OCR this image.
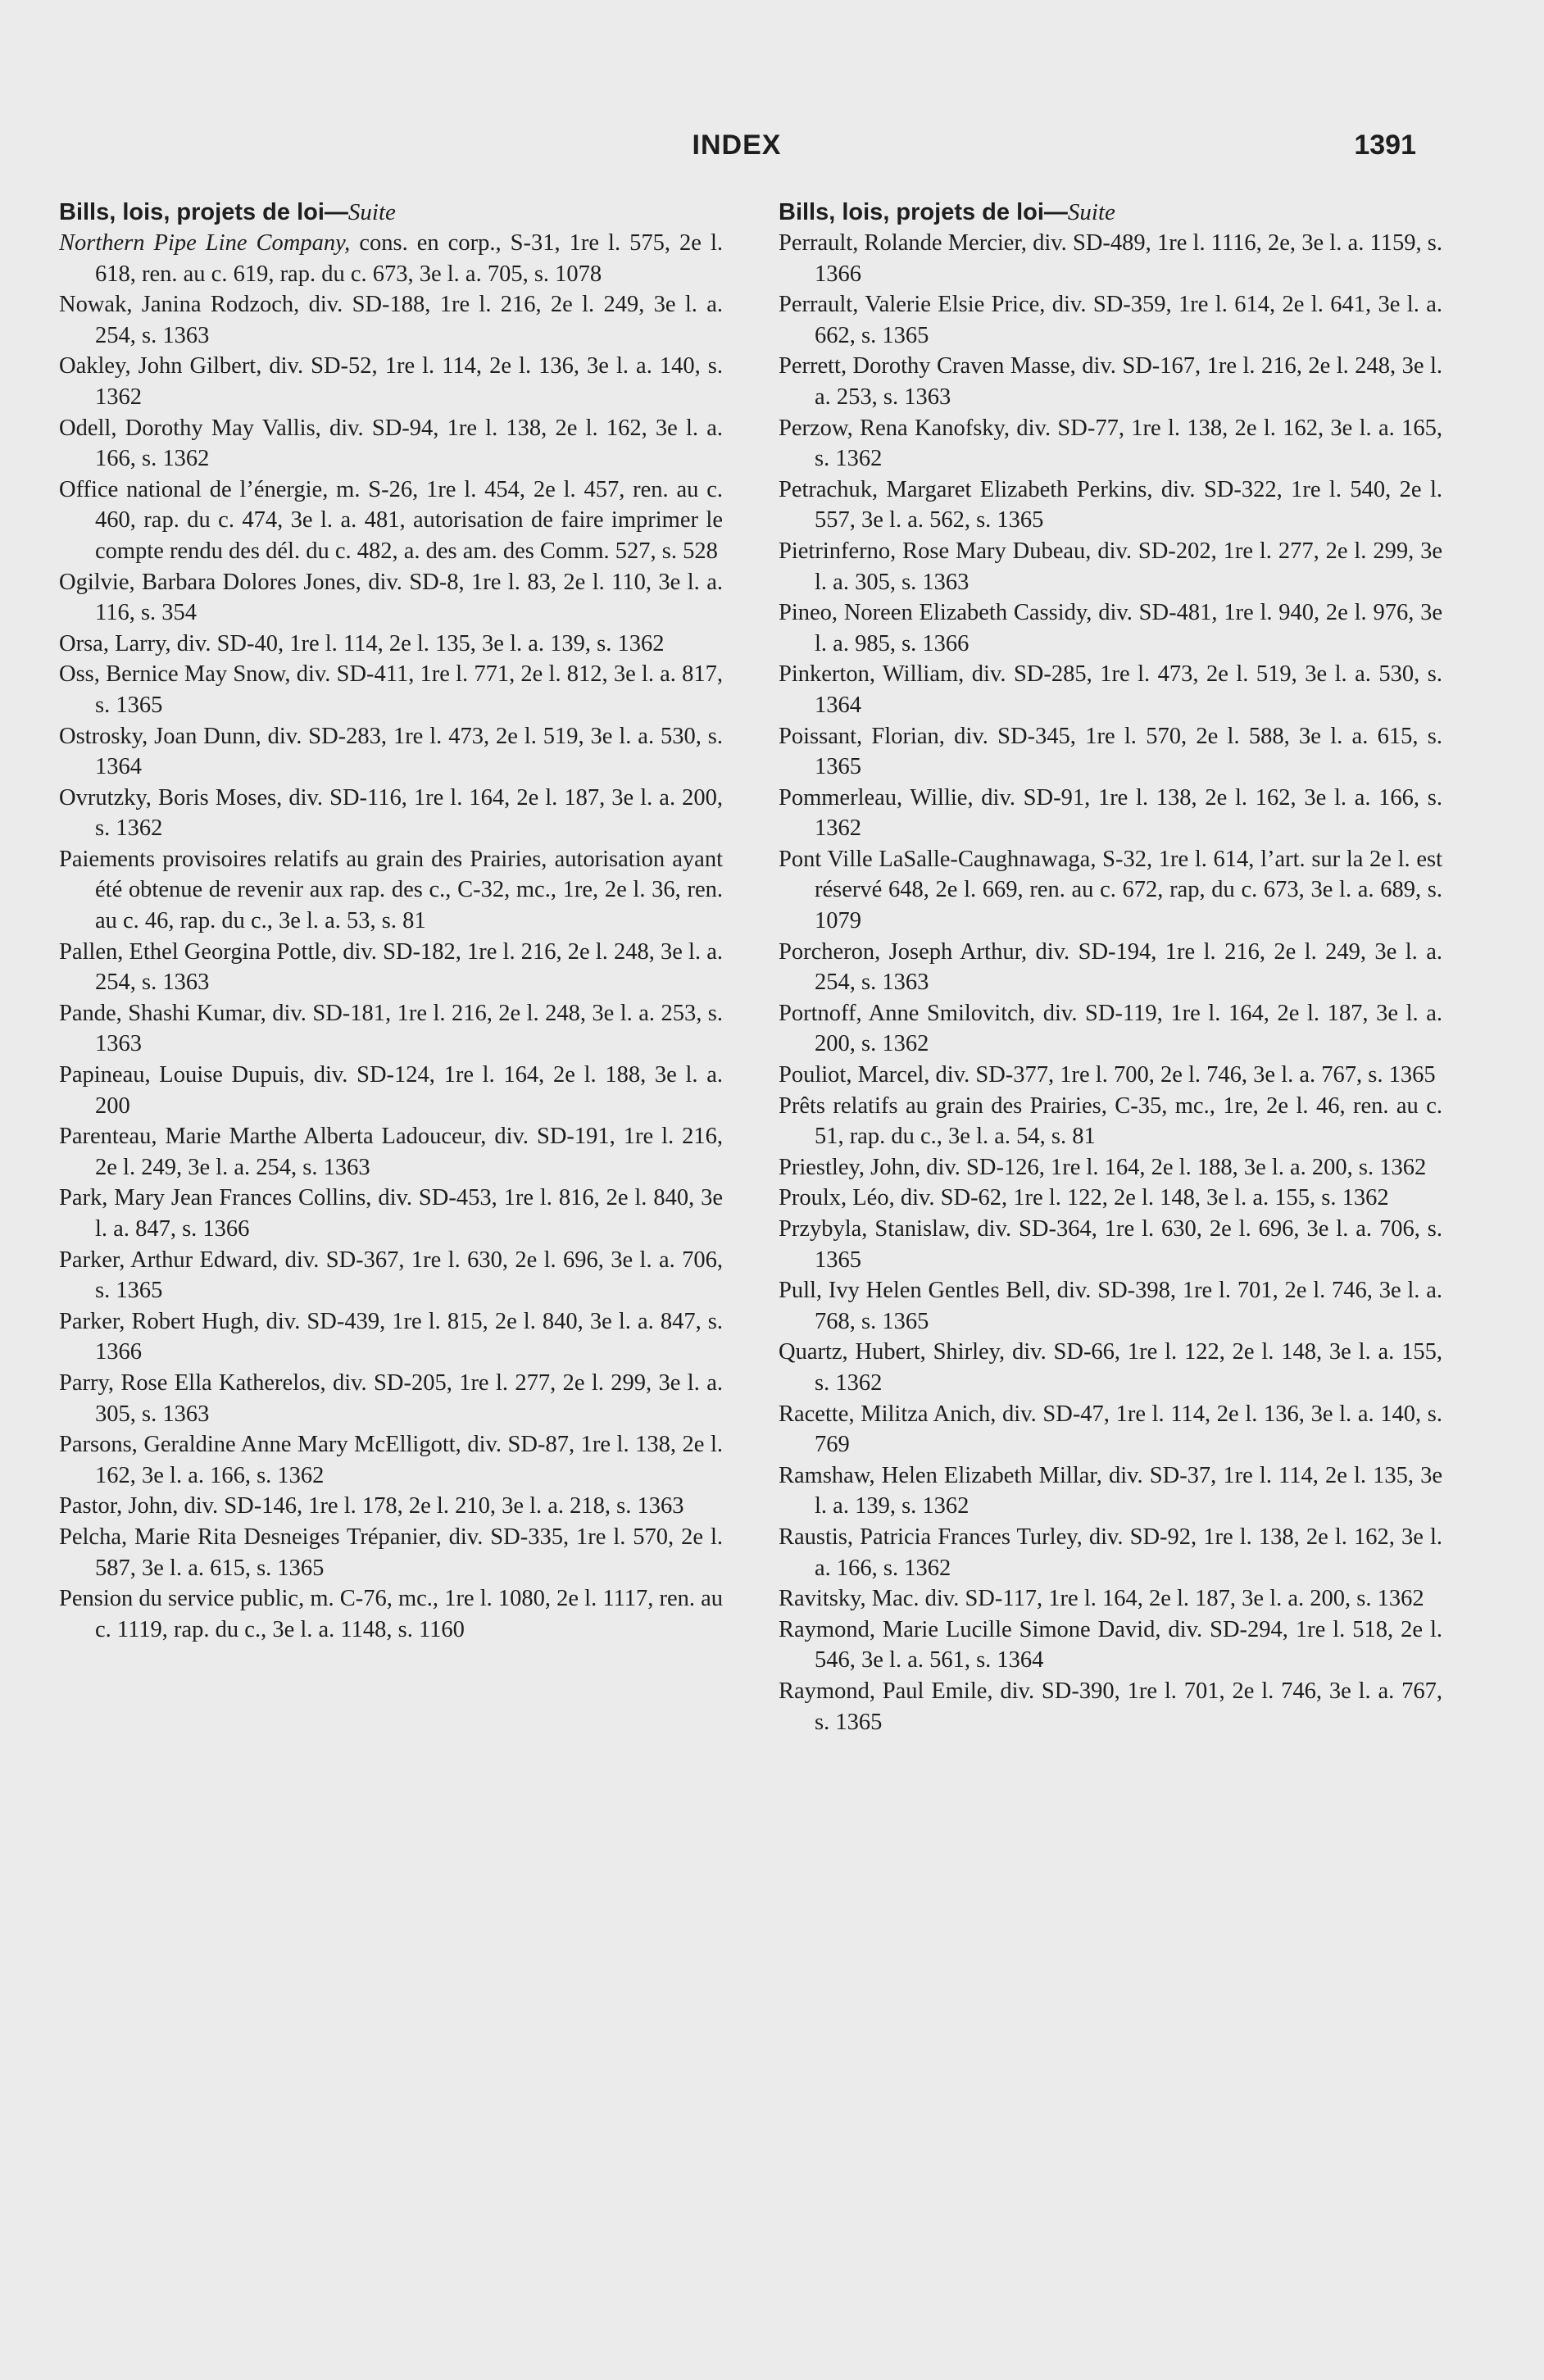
INDEX	1391
Bills, lois, projets de loi—Suite
Northern Pipe Line Company, cons. en corp., S-31, 1re l. 575, 2e l. 618, ren. au c. 619, rap. du c. 673, 3e l. a. 705, s. 1078
Nowak, Janina Rodzoch, div. SD-188, 1re l. 216, 2e l. 249, 3e l. a. 254, s. 1363
Oakley, John Gilbert, div. SD-52, 1re l. 114, 2e l. 136, 3e l. a. 140, s. 1362
Odell, Dorothy May Vallis, div. SD-94, 1re l. 138, 2e l. 162, 3e l. a. 166, s. 1362
Office national de l’énergie, m. S-26, 1re l. 454, 2e l. 457, ren. au c. 460, rap. du c. 474, 3e l. a. 481, autorisation de faire imprimer le compte rendu des dél. du c. 482, a. des am. des Comm. 527, s. 528
Ogilvie, Barbara Dolores Jones, div. SD-8, 1re l. 83, 2e l. 110, 3e l. a. 116, s. 354
Orsa, Larry, div. SD-40, 1re l. 114, 2e l. 135, 3e l. a. 139, s. 1362
Oss, Bernice May Snow, div. SD-411, 1re l. 771, 2e l. 812, 3e l. a. 817, s. 1365
Ostrosky, Joan Dunn, div. SD-283, 1re l. 473, 2e l. 519, 3e l. a. 530, s. 1364
Ovrutzky, Boris Moses, div. SD-116, 1re l. 164, 2e l. 187, 3e l. a. 200, s. 1362
Paiements provisoires relatifs au grain des Prairies, autorisation ayant été obtenue de revenir aux rap. des c., C-32, mc., 1re, 2e l. 36, ren. au c. 46, rap. du c., 3e l. a. 53, s. 81
Pallen, Ethel Georgina Pottle, div. SD-182, 1re l. 216, 2e l. 248, 3e l. a. 254, s. 1363
Pande, Shashi Kumar, div. SD-181, 1re l. 216, 2e l. 248, 3e l. a. 253, s. 1363
Papineau, Louise Dupuis, div. SD-124, 1re l. 164, 2e l. 188, 3e l. a. 200
Parenteau, Marie Marthe Alberta Ladouceur, div. SD-191, 1re l. 216, 2e l. 249, 3e l. a. 254, s. 1363
Park, Mary Jean Frances Collins, div. SD-453, 1re l. 816, 2e l. 840, 3e l. a. 847, s. 1366
Parker, Arthur Edward, div. SD-367, 1re l. 630, 2e l. 696, 3e l. a. 706, s. 1365
Parker, Robert Hugh, div. SD-439, 1re l. 815, 2e l. 840, 3e l. a. 847, s. 1366
Parry, Rose Ella Katherelos, div. SD-205, 1re l. 277, 2e l. 299, 3e l. a. 305, s. 1363
Parsons, Geraldine Anne Mary McElligott, div. SD-87, 1re l. 138, 2e l. 162, 3e l. a. 166, s. 1362
Pastor, John, div. SD-146, 1re l. 178, 2e l. 210, 3e l. a. 218, s. 1363
Pelcha, Marie Rita Desneiges Trépanier, div. SD-335, 1re l. 570, 2e l. 587, 3e l. a. 615, s. 1365
Pension du service public, m. C-76, mc., 1re l. 1080, 2e l. 1117, ren. au c. 1119, rap. du c., 3e l. a. 1148, s. 1160
Bills, lois, projets de loi—Suite
Perrault, Rolande Mercier, div. SD-489, 1re l. 1116, 2e, 3e l. a. 1159, s. 1366
Perrault, Valerie Elsie Price, div. SD-359, 1re l. 614, 2e l. 641, 3e l. a. 662, s. 1365
Perrett, Dorothy Craven Masse, div. SD-167, 1re l. 216, 2e l. 248, 3e l. a. 253, s. 1363
Perzow, Rena Kanofsky, div. SD-77, 1re l. 138, 2e l. 162, 3e l. a. 165, s. 1362
Petrachuk, Margaret Elizabeth Perkins, div. SD-322, 1re l. 540, 2e l. 557, 3e l. a. 562, s. 1365
Pietrinferno, Rose Mary Dubeau, div. SD-202, 1re l. 277, 2e l. 299, 3e l. a. 305, s. 1363
Pineo, Noreen Elizabeth Cassidy, div. SD-481, 1re l. 940, 2e l. 976, 3e l. a. 985, s. 1366
Pinkerton, William, div. SD-285, 1re l. 473, 2e l. 519, 3e l. a. 530, s. 1364
Poissant, Florian, div. SD-345, 1re l. 570, 2e l. 588, 3e l. a. 615, s. 1365
Pommerleau, Willie, div. SD-91, 1re l. 138, 2e l. 162, 3e l. a. 166, s. 1362
Pont Ville LaSalle-Caughnawaga, S-32, 1re l. 614, l’art. sur la 2e l. est réservé 648, 2e l. 669, ren. au c. 672, rap, du c. 673, 3e l. a. 689, s. 1079
Porcheron, Joseph Arthur, div. SD-194, 1re l. 216, 2e l. 249, 3e l. a. 254, s. 1363
Portnoff, Anne Smilovitch, div. SD-119, 1re l. 164, 2e l. 187, 3e l. a. 200, s. 1362
Pouliot, Marcel, div. SD-377, 1re l. 700, 2e l. 746, 3e l. a. 767, s. 1365
Prêts relatifs au grain des Prairies, C-35, mc., 1re, 2e l. 46, ren. au c. 51, rap. du c., 3e l. a. 54, s. 81
Priestley, John, div. SD-126, 1re l. 164, 2e l. 188, 3e l. a. 200, s. 1362
Proulx, Léo, div. SD-62, 1re l. 122, 2e l. 148, 3e l. a. 155, s. 1362
Przybyla, Stanislaw, div. SD-364, 1re l. 630, 2e l. 696, 3e l. a. 706, s. 1365
Pull, Ivy Helen Gentles Bell, div. SD-398, 1re l. 701, 2e l. 746, 3e l. a. 768, s. 1365
Quartz, Hubert, Shirley, div. SD-66, 1re l. 122, 2e l. 148, 3e l. a. 155, s. 1362
Racette, Militza Anich, div. SD-47, 1re l. 114, 2e l. 136, 3e l. a. 140, s. 769
Ramshaw, Helen Elizabeth Millar, div. SD-37, 1re l. 114, 2e l. 135, 3e l. a. 139, s. 1362
Raustis, Patricia Frances Turley, div. SD-92, 1re l. 138, 2e l. 162, 3e l. a. 166, s. 1362
Ravitsky, Mac. div. SD-117, 1re l. 164, 2e l. 187, 3e l. a. 200, s. 1362
Raymond, Marie Lucille Simone David, div. SD-294, 1re l. 518, 2e l. 546, 3e l. a. 561, s. 1364
Raymond, Paul Emile, div. SD-390, 1re l. 701, 2e l. 746, 3e l. a. 767, s. 1365
